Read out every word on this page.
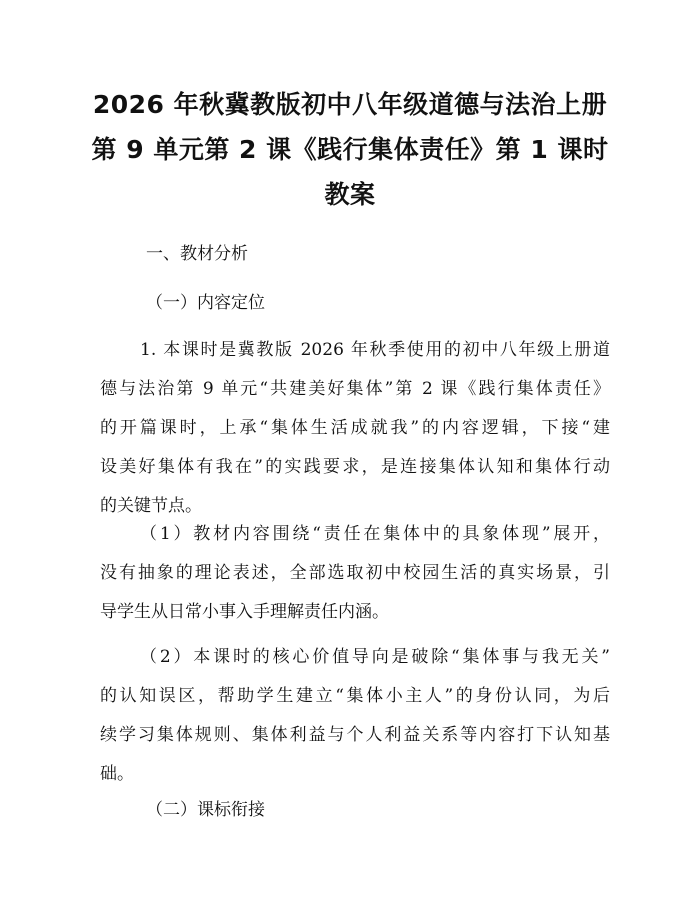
2026 年秋冀教版初中八年级道德与法治上册
第 9 单元第 2 课《践行集体责任》第 1 课时
教案
一、教材分析
（一）内容定位
1. 本课时是冀教版 2026 年秋季使用的初中八年级上册道
德与法治第 9 单元“共建美好集体”第 2 课《践行集体责任》
的开篇课时，上承“集体生活成就我”的内容逻辑，下接“建
设美好集体有我在”的实践要求，是连接集体认知和集体行动
的关键节点。
（1）教材内容围绕“责任在集体中的具象体现”展开，
没有抽象的理论表述，全部选取初中校园生活的真实场景，引
导学生从日常小事入手理解责任内涵。
（2）本课时的核心价值导向是破除“集体事与我无关”
的认知误区，帮助学生建立“集体小主人”的身份认同，为后
续学习集体规则、集体利益与个人利益关系等内容打下认知基
础。
（二）课标衔接
